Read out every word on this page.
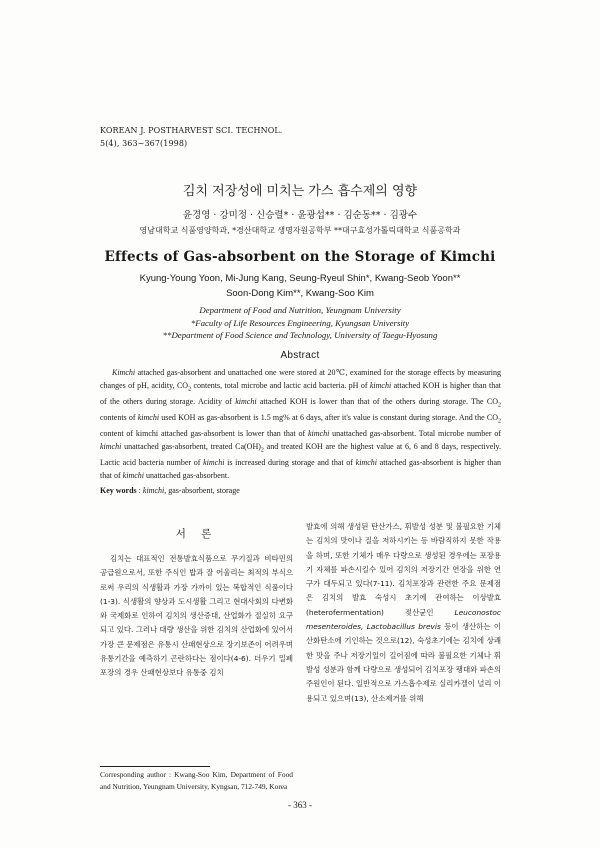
KOREAN J. POSTHARVEST SCI. TECHNOL.
5(4), 363~367(1998)
김치 저장성에 미치는 가스 흡수제의 영향
윤경영 · 강미정 · 신승렬* · 윤광섭** · 김순동** · 김광수
영남대학교 식품영양학과, *경산대학교 생명자원공학부 **대구효성가톨릭대학교 식품공학과
Effects of Gas-absorbent on the Storage of Kimchi
Kyung-Young Yoon, Mi-Jung Kang, Seung-Ryeul Shin*, Kwang-Seob Yoon**
Soon-Dong Kim**, Kwang-Soo Kim
Department of Food and Nutrition, Yeungnam University
*Faculty of Life Resources Engineering, Kyungsan University
**Department of Food Science and Technology, University of Taegu-Hyosung
Abstract
Kimchi attached gas-absorbent and unattached one were stored at 20℃, examined for the storage effects by measuring changes of pH, acidity, $CO_2$ contents, total microbe and lactic acid bacteria. pH of kimchi attached KOH is higher than that of the others during storage. Acidity of kimchi attached KOH is lower than that of the others during storage. The $CO_2$ contents of kimchi used KOH as gas-absorbent is 1.5 mg% at 6 days, after it's value is constant during storage. And the $CO_2$ content of kimchi attached gas-absorbent is lower than that of kimchi unattached gas-absorbent. Total microbe number of kimchi unattached gas-absorbent, treated $Ca(OH)_2$ and treated KOH are the highest value at 6, 6 and 8 days, respectively. Lactic acid bacteria number of kimchi is increased during storage and that of kimchi attached gas-absorbent is higher than that of kimchi unattached gas-absorbent.
Key words : kimchi, gas-absorbent, storage
서 론
김치는 대표적인 전통발효식품으로 무기질과 비타민의 공급원으로서, 또한 주식인 밥과 잘 어울리는 최적의 부식으로써 우리의 식생활과 가장 가까이 있는 복합적인 식품이다(1-3). 식생활의 향상과 도시생활 그리고 현대사회의 다변화와 국제화로 인하여 김치의 생산증대, 산업화가 절실히 요구되고 있다. 그러나 대량 생산을 위한 김치의 산업화에 있어서 가장 큰 문제점은 유통시 산패현상으로 장기보존이 어려우며 유통기간을 예측하기 곤란하다는 점이다(4-6). 더우기 밀폐포장의 경우 산패현상보다 유통중 김치
발효에 의해 생성된 탄산가스, 휘발성 성분 및 불필요한 기체는 김치의 맛이나 질을 저하시키는 등 바람직하지 못한 작용을 하며, 또한 기체가 매우 다량으로 생성된 경우에는 포장용기 자체를 파손시킬수 있어 김치의 저장기간 연장을 위한 연구가 대두되고 있다(7-11). 김치포장과 관련한 주요 문제점은 김치의 발효 숙성시 초기에 관여하는 이상발효(heterofermentation) 젖산균인 Leuconostoc mesenteroides, Lactobacillus brevis 등이 생산하는 이산화탄소에 기인하는 것으로(12), 숙성초기에는 김치에 상쾌한 맛을 주나 저장기일이 길어짐에 따라 불필요한 기체나 휘발성 성분과 함께 다량으로 생성되어 김치포장 팽대와 파손의 주원인이 된다. 일반적으로 가스흡수제로 실리카겔이 널리 이용되고 있으며(13), 산소제거를 위해
Corresponding author : Kwang-Soo Kim, Department of Food and Nutrition, Yeungnam University, Kyngsan, 712-749, Korea
- 363 -
